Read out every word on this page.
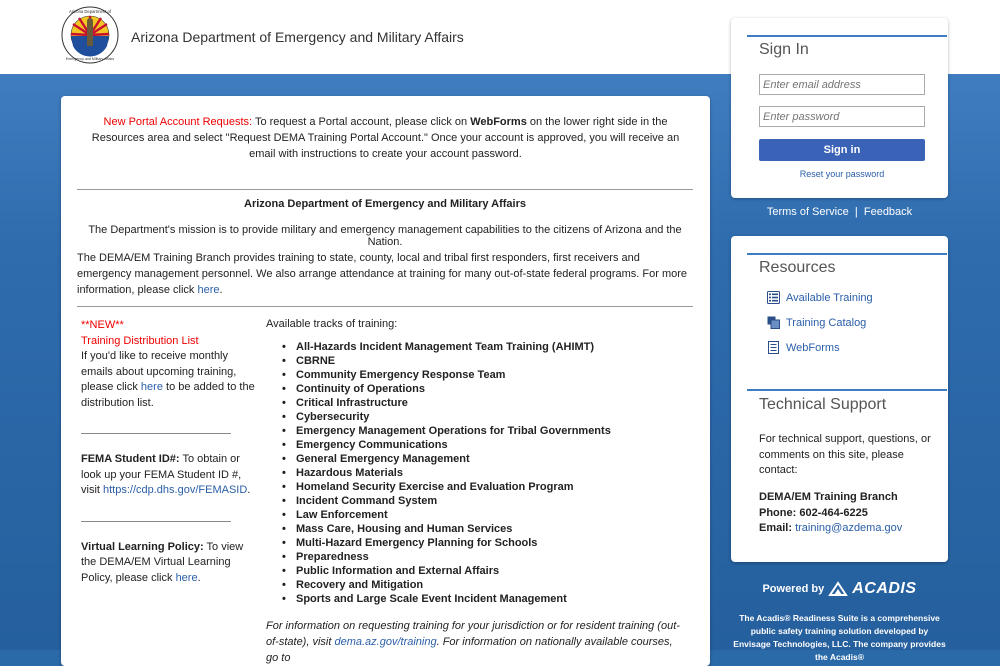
Arizona Department of
Emergency and Military Affairs
Arizona Department of Emergency and Military Affairs
New Portal Account Requests: To request a Portal account, please click on WebForms on the lower right side in the Resources area and select "Request DEMA Training Portal Account." Once your account is approved, you will receive an email with instructions to create your account password.
Arizona Department of Emergency and Military Affairs
The Department's mission is to provide military and emergency management capabilities to the citizens of Arizona and the Nation.
The DEMA/EM Training Branch provides training to state, county, local and tribal first responders, first receivers and emergency management personnel. We also arrange attendance at training for many out-of-state federal programs. For more information, please click here.
**NEW**
Training Distribution List
If you'd like to receive monthly emails about upcoming training, please click here to be added to the distribution list.
FEMA Student ID#: To obtain or look up your FEMA Student ID #, visit https://cdp.dhs.gov/FEMASID.
Virtual Learning Policy: To view the DEMA/EM Virtual Learning Policy, please click here.
Available tracks of training:
• All-Hazards Incident Management Team Training (AHIMT)
• CBRNE
• Community Emergency Response Team
• Continuity of Operations
• Critical Infrastructure
• Cybersecurity
• Emergency Management Operations for Tribal Governments
• Emergency Communications
• General Emergency Management
• Hazardous Materials
• Homeland Security Exercise and Evaluation Program
• Incident Command System
• Law Enforcement
• Mass Care, Housing and Human Services
• Multi-Hazard Emergency Planning for Schools
• Preparedness
• Public Information and External Affairs
• Recovery and Mitigation
• Sports and Large Scale Event Incident Management
For information on requesting training for your jurisdiction or for resident training (out-of-state), visit dema.az.gov/training. For information on nationally available courses, go to
Sign In
Enter email address
Sign in
Reset your password
Terms of Service | Feedback
Resources
Available Training
Training Catalog
WebForms
Technical Support
For technical support, questions, or comments on this site, please contact:
DEMA/EM Training Branch
Phone: 602-464-6225
Email: training@azdema.gov
Powered by ACADIS
The Acadis® Readiness Suite is a comprehensive public safety training solution developed by Envisage Technologies, LLC. The company provides the Acadis®
